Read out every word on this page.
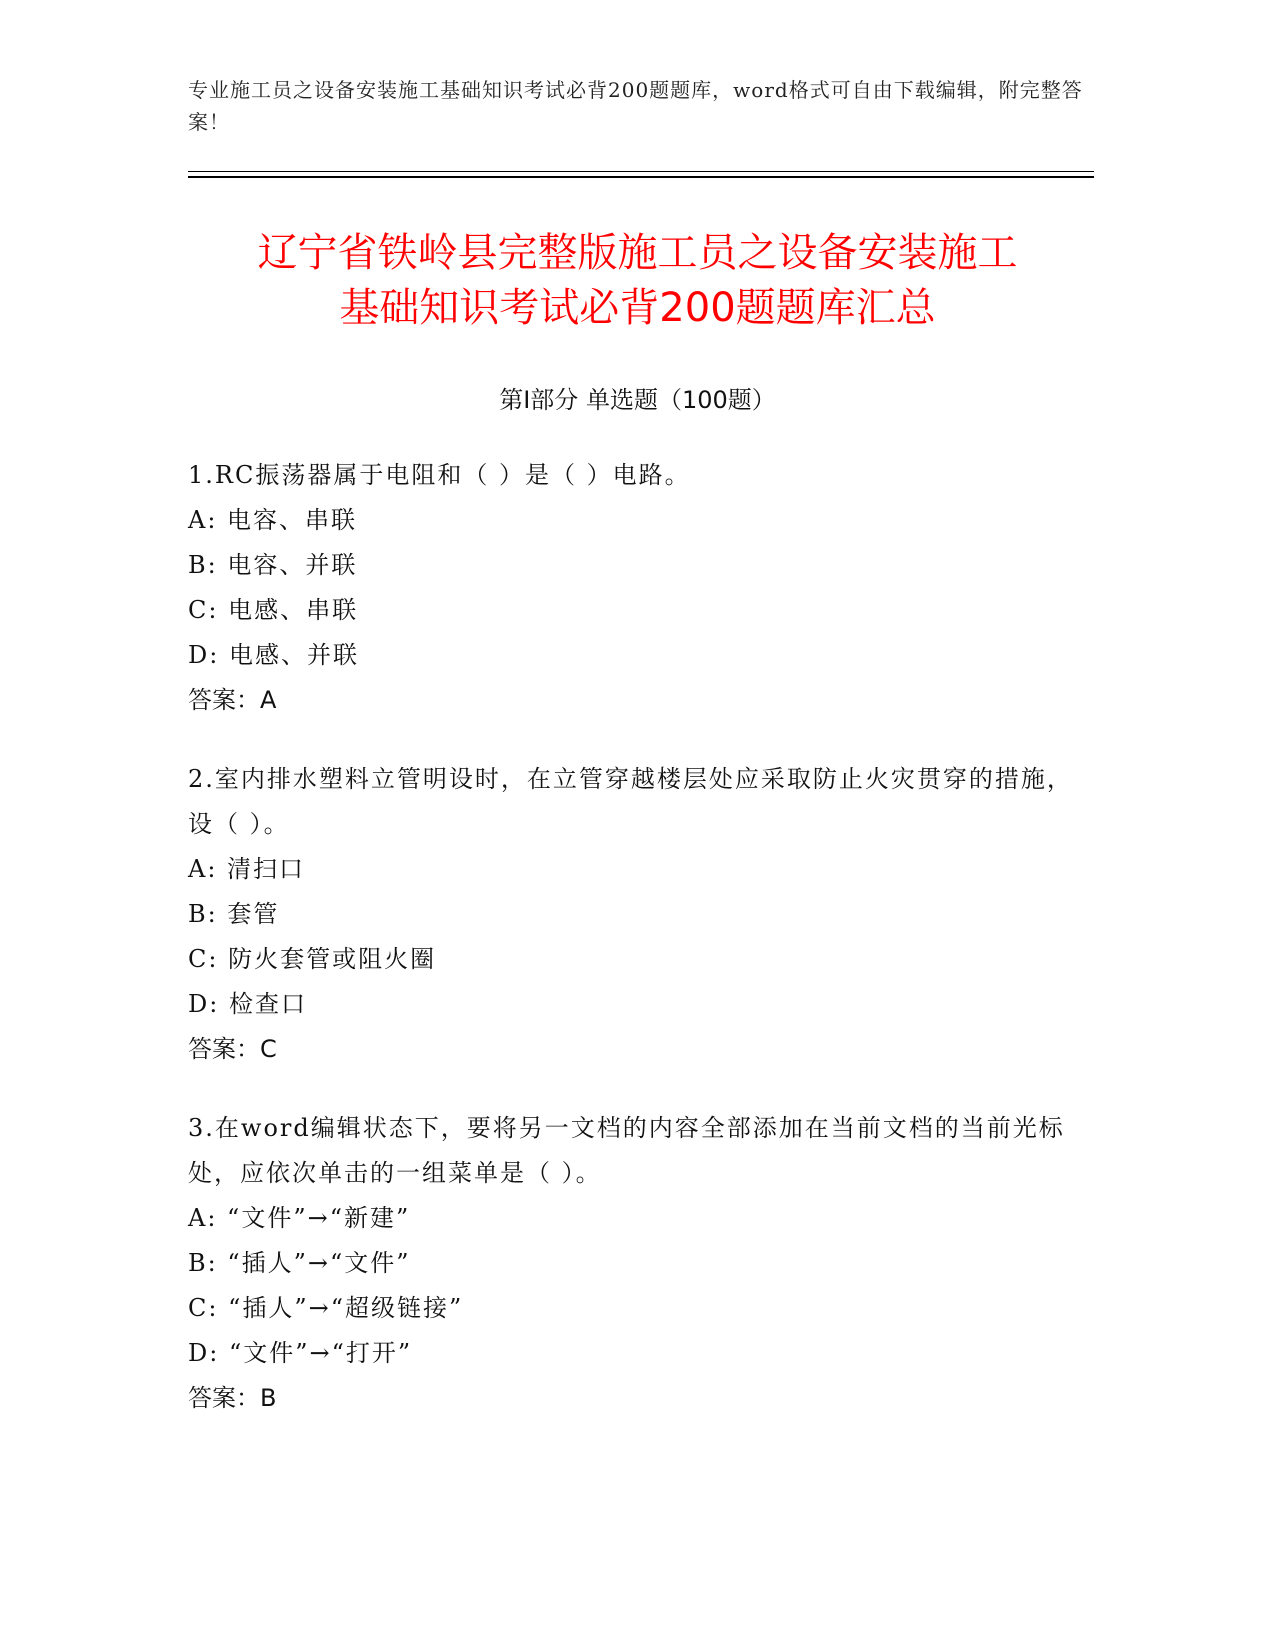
专业施工员之设备安装施工基础知识考试必背200题题库，word格式可自由下载编辑，附完整答案！
辽宁省铁岭县完整版施工员之设备安装施工
基础知识考试必背200题题库汇总
第Ⅰ部分 单选题（100题）
1.RC振荡器属于电阻和（ ）是（ ）电路。
A: 电容、串联
B: 电容、并联
C: 电感、串联
D: 电感、并联
答案：A
2.室内排水塑料立管明设时，在立管穿越楼层处应采取防止火灾贯穿的措施，设（ ）。
A: 清扫口
B: 套管
C: 防火套管或阻火圈
D: 检查口
答案：C
3.在word编辑状态下，要将另一文档的内容全部添加在当前文档的当前光标处，应依次单击的一组菜单是（ ）。
A: “文件”→“新建”
B: “插人”→“文件”
C: “插人”→“超级链接”
D: “文件”→“打开”
答案：B
